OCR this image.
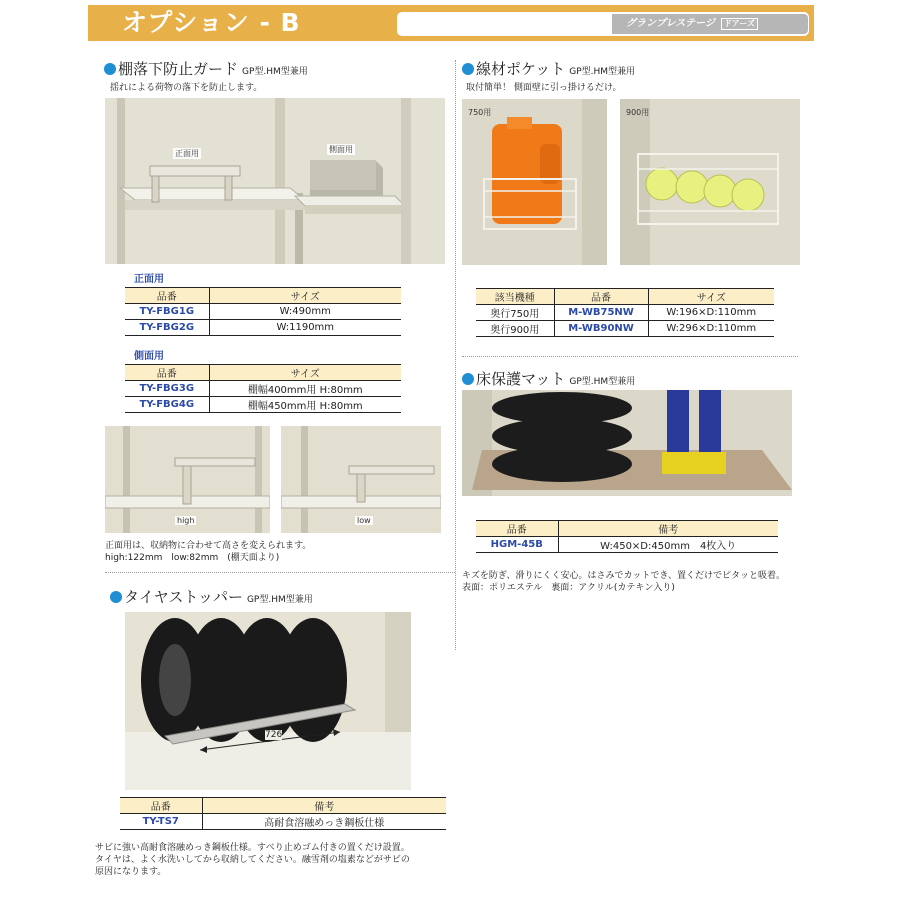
オプション - B	グランプレステージ ドアーズ
棚落下防止ガード GP型.HM型兼用
揺れによる荷物の落下を防止します。
正面用	側面用
正面用
品番	サイズ
TY-FBG1G	W:490mm
TY-FBG2G	W:1190mm
側面用
品番	サイズ
TY-FBG3G	棚幅400mm用 H:80mm
TY-FBG4G	棚幅450mm用 H:80mm
high	low
正面用は、収納物に合わせて高さを変えられます。
high:122mm　low:82mm　(棚天面より)
タイヤストッパー GP型.HM型兼用
726
品番	備考
TY-TS7	高耐食溶融めっき鋼板仕様
サビに強い高耐食溶融めっき鋼板仕様。すべり止めゴム付きの置くだけ設置。
タイヤは、よく水洗いしてから収納してください。融雪剤の塩素などがサビの
原因になります。
線材ポケット GP型.HM型兼用
取付簡単！ 側面壁に引っ掛けるだけ。
750用	900用
該当機種	品番	サイズ
奥行750用	M-WB75NW	W:196×D:110mm
奥行900用	M-WB90NW	W:296×D:110mm
床保護マット GP型.HM型兼用
品番	備考
HGM-45B	W:450×D:450mm　4枚入り
キズを防ぎ、滑りにくく安心。はさみでカットでき、置くだけでピタッと吸着。
表面：ポリエステル　裏面：アクリル(カテキン入り)
